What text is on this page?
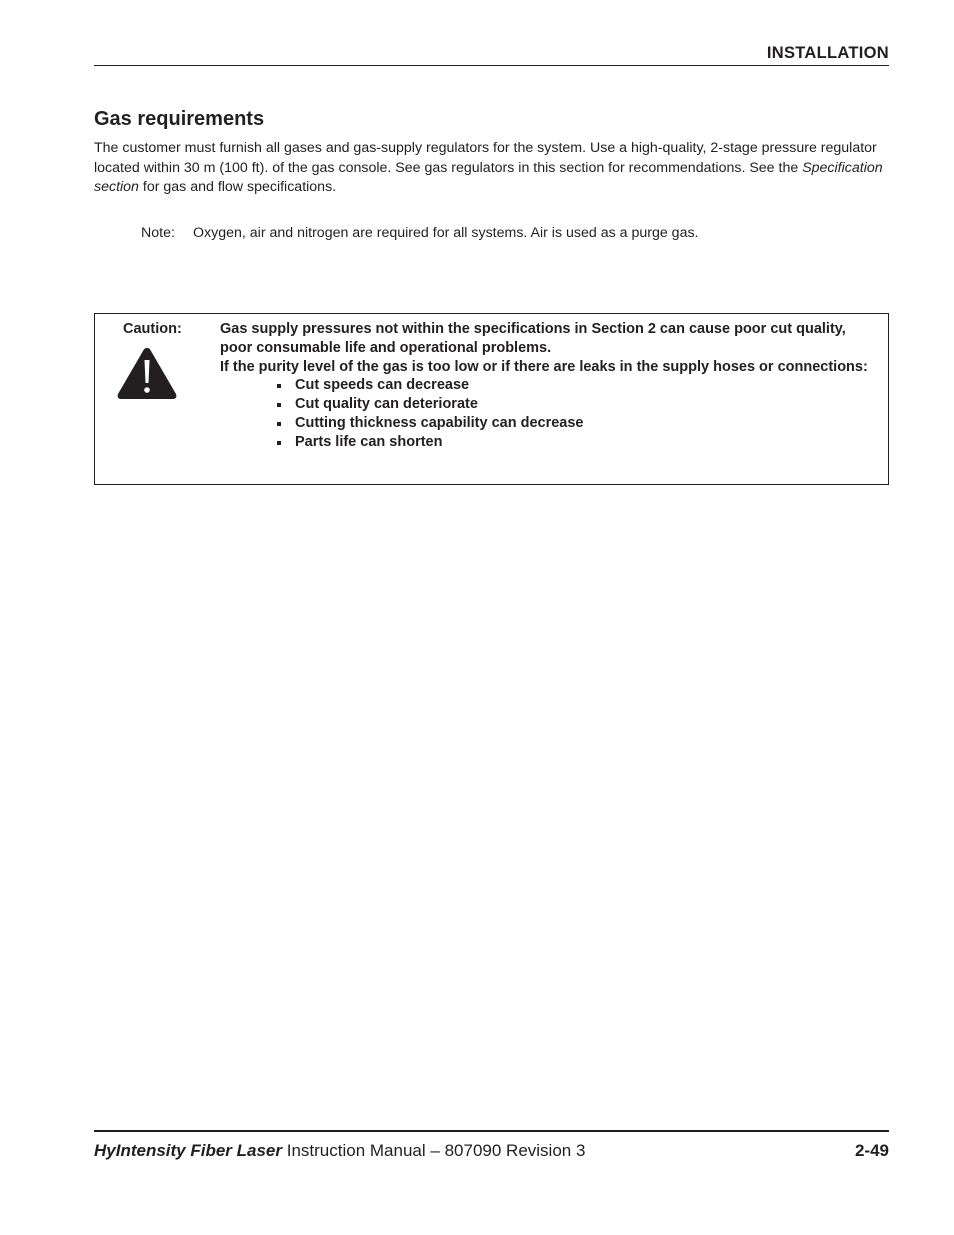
INSTALLATION
Gas requirements

The customer must furnish all gases and gas-supply regulators for the system. Use a high-quality, 2-stage pressure regulator located within 30 m (100 ft). of the gas console. See gas regulators in this section for recommendations. See the Specification section for gas and flow specifications.

Note: Oxygen, air and nitrogen are required for all systems. Air is used as a purge gas.
Caution:	Gas supply pressures not within the specifications in Section 2 can cause poor cut quality, poor consumable life and operational problems.

If the purity level of the gas is too low or if there are leaks in the supply hoses or connections:

Cut speeds can decrease
Cut quality can deteriorate
Cutting thickness capability can decrease
Parts life can shorten
HyIntensity Fiber Laser Instruction Manual – 807090 Revision 3	2-49
